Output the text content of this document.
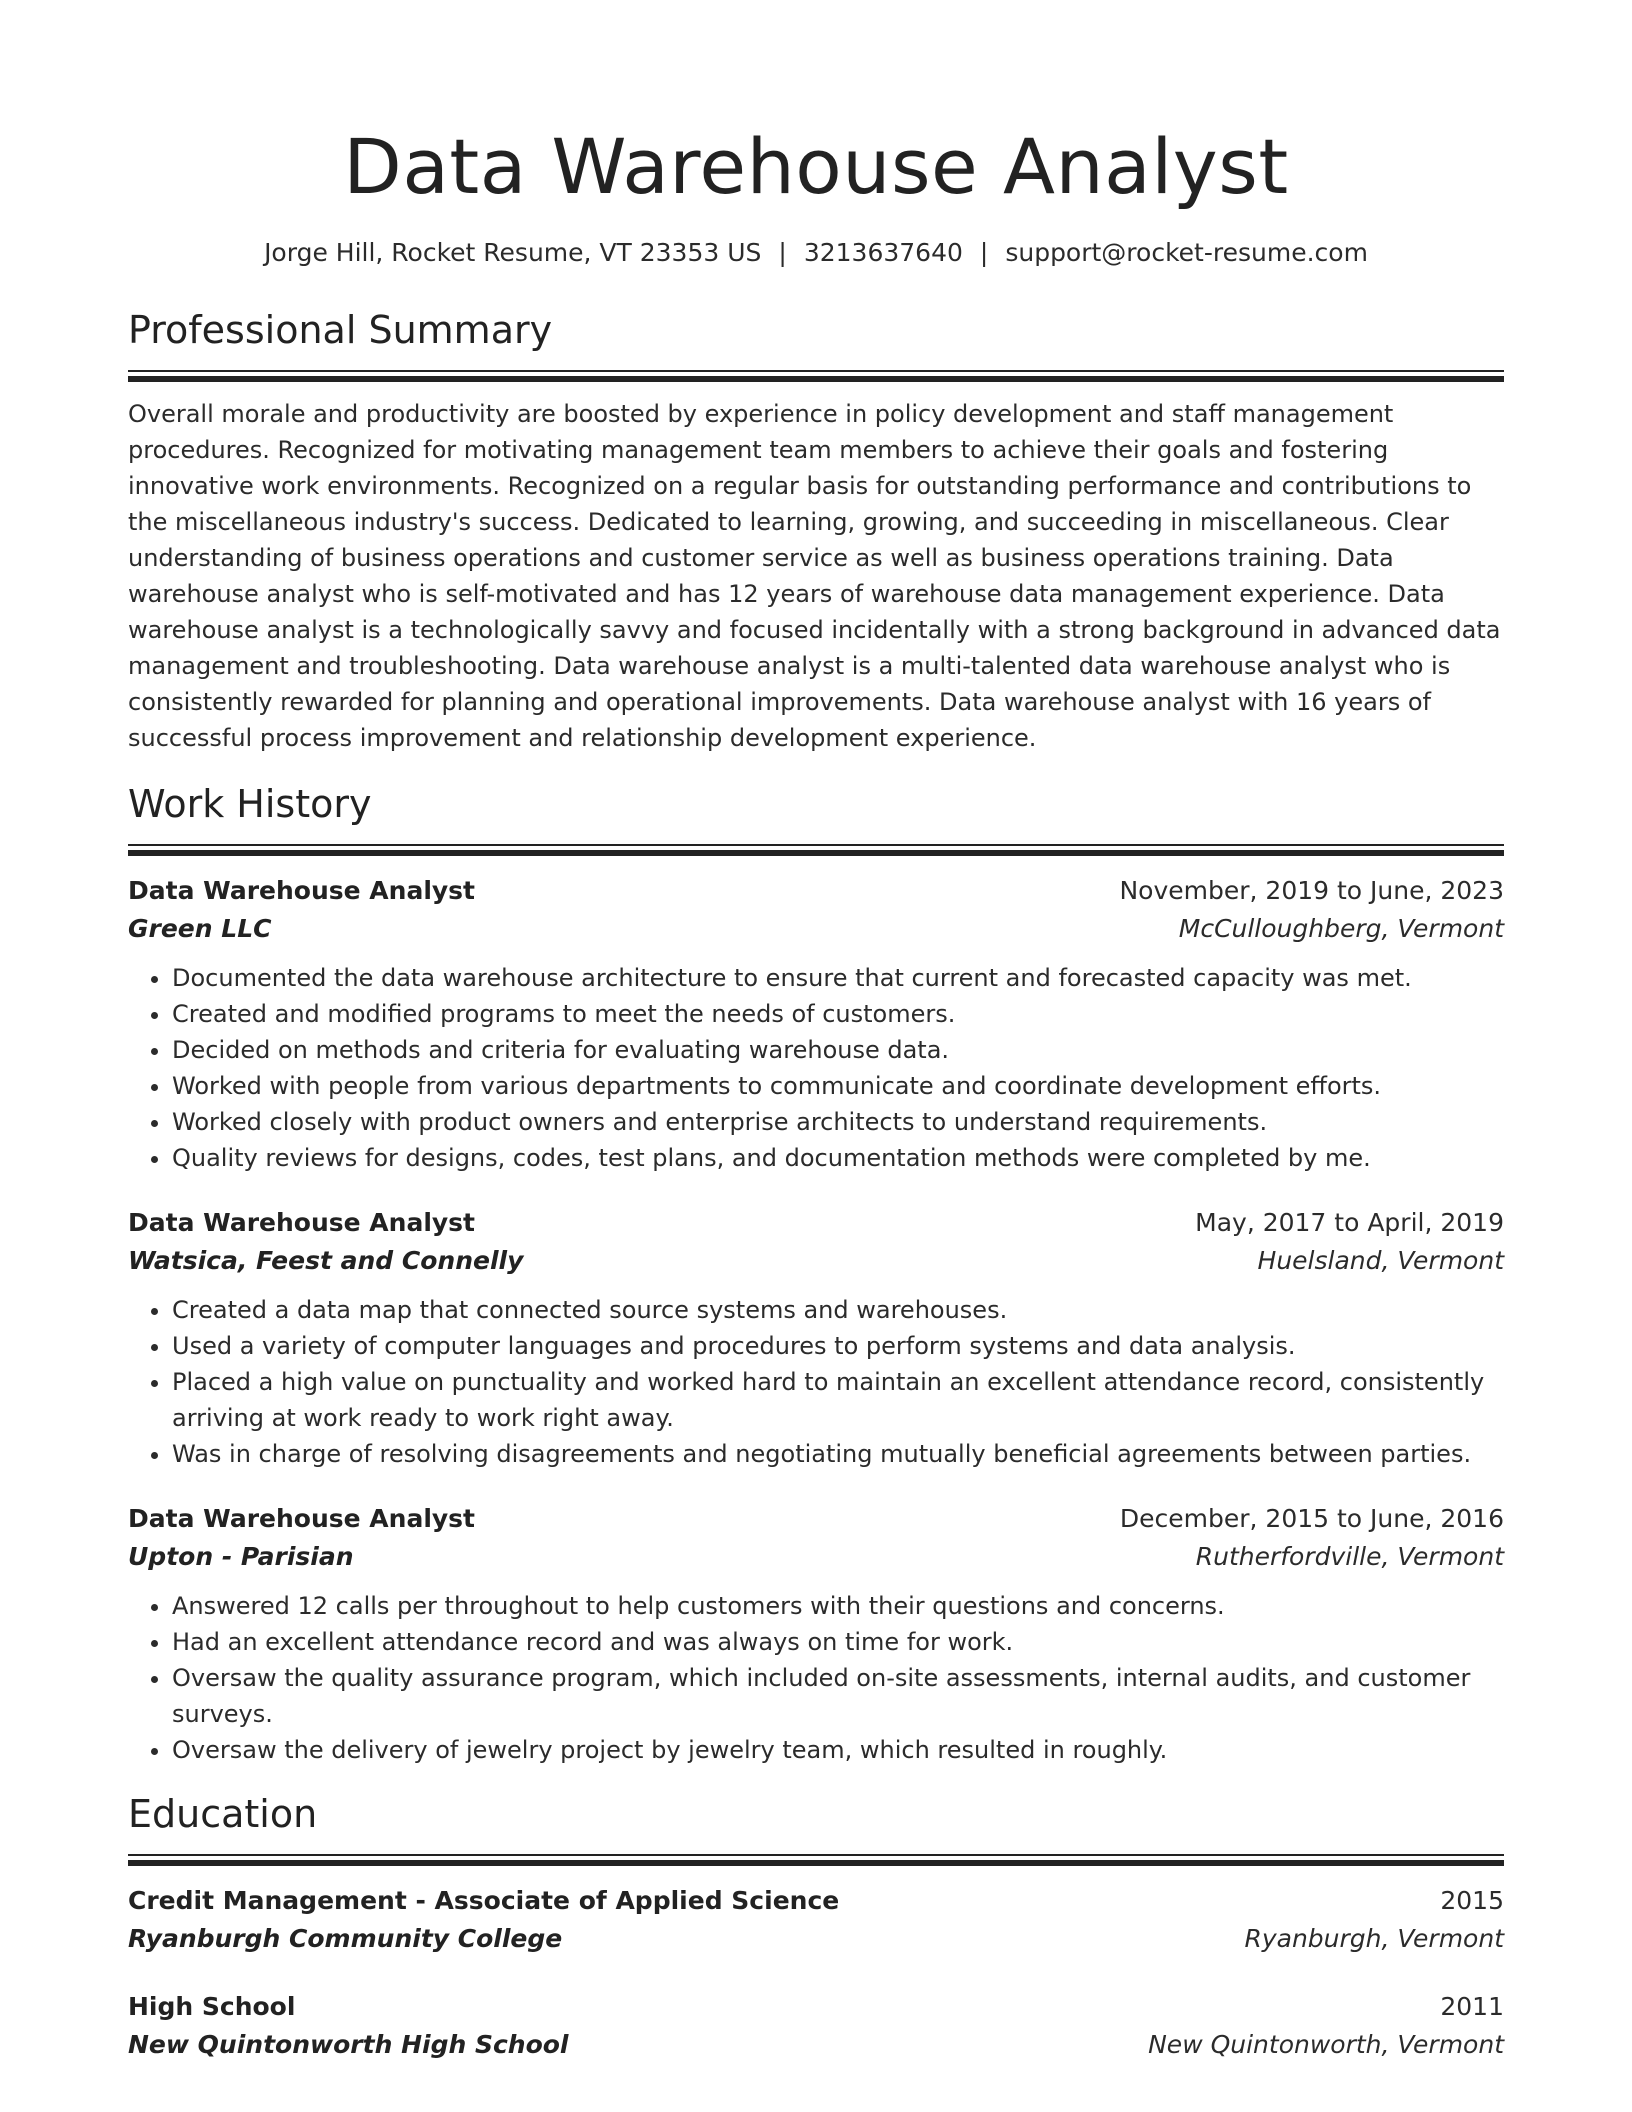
Data Warehouse Analyst
Jorge Hill, Rocket Resume, VT 23353 US | 3213637640 | support@rocket-resume.com
Professional Summary

Overall morale and productivity are boosted by experience in policy development and staff management procedures. Recognized for motivating management team members to achieve their goals and fostering innovative work environments. Recognized on a regular basis for outstanding performance and contributions to the miscellaneous industry's success. Dedicated to learning, growing, and succeeding in miscellaneous. Clear understanding of business operations and customer service as well as business operations training. Data warehouse analyst who is self-motivated and has 12 years of warehouse data management experience. Data warehouse analyst is a technologically savvy and focused incidentally with a strong background in advanced data management and troubleshooting. Data warehouse analyst is a multi-talented data warehouse analyst who is consistently rewarded for planning and operational improvements. Data warehouse analyst with 16 years of successful process improvement and relationship development experience.

Work History
Data Warehouse Analyst	November, 2019 to June, 2023
Green LLC	McCulloughberg, Vermont
• Documented the data warehouse architecture to ensure that current and forecasted capacity was met.
• Created and modified programs to meet the needs of customers.
• Decided on methods and criteria for evaluating warehouse data.
• Worked with people from various departments to communicate and coordinate development efforts.
• Worked closely with product owners and enterprise architects to understand requirements.
• Quality reviews for designs, codes, test plans, and documentation methods were completed by me.
Data Warehouse Analyst	May, 2017 to April, 2019
Watsica, Feest and Connelly	Huelsland, Vermont
• Created a data map that connected source systems and warehouses.
• Used a variety of computer languages and procedures to perform systems and data analysis.
• Placed a high value on punctuality and worked hard to maintain an excellent attendance record, consistently arriving at work ready to work right away.
• Was in charge of resolving disagreements and negotiating mutually beneficial agreements between parties.
Data Warehouse Analyst	December, 2015 to June, 2016
Upton - Parisian	Rutherfordville, Vermont
• Answered 12 calls per throughout to help customers with their questions and concerns.
• Had an excellent attendance record and was always on time for work.
• Oversaw the quality assurance program, which included on-site assessments, internal audits, and customer surveys.
• Oversaw the delivery of jewelry project by jewelry team, which resulted in roughly.
Education
Credit Management - Associate of Applied Science	2015
Ryanburgh Community College	Ryanburgh, Vermont
High School	2011
New Quintonworth High School	New Quintonworth, Vermont
